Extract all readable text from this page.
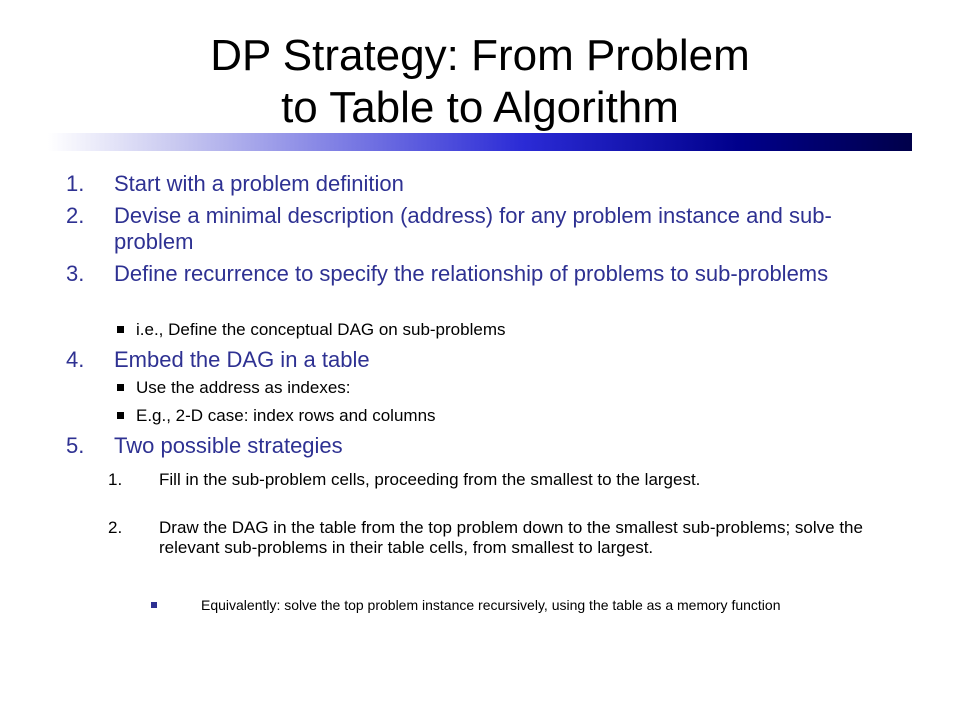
DP Strategy: From Problem
to Table to Algorithm
1. Start with a problem definition
2. Devise a minimal description (address) for any problem instance and sub-problem
3. Define recurrence to specify the relationship of problems to sub-problems
i.e., Define the conceptual DAG on sub-problems
4. Embed the DAG in a table
Use the address as indexes:
E.g., 2-D case: index rows and columns
5. Two possible strategies
1. Fill in the sub-problem cells, proceeding from the smallest to the largest.
2. Draw the DAG in the table from the top problem down to the smallest sub-problems; solve the relevant sub-problems in their table cells, from smallest to largest.
Equivalently: solve the top problem instance recursively, using the table as a memory function
